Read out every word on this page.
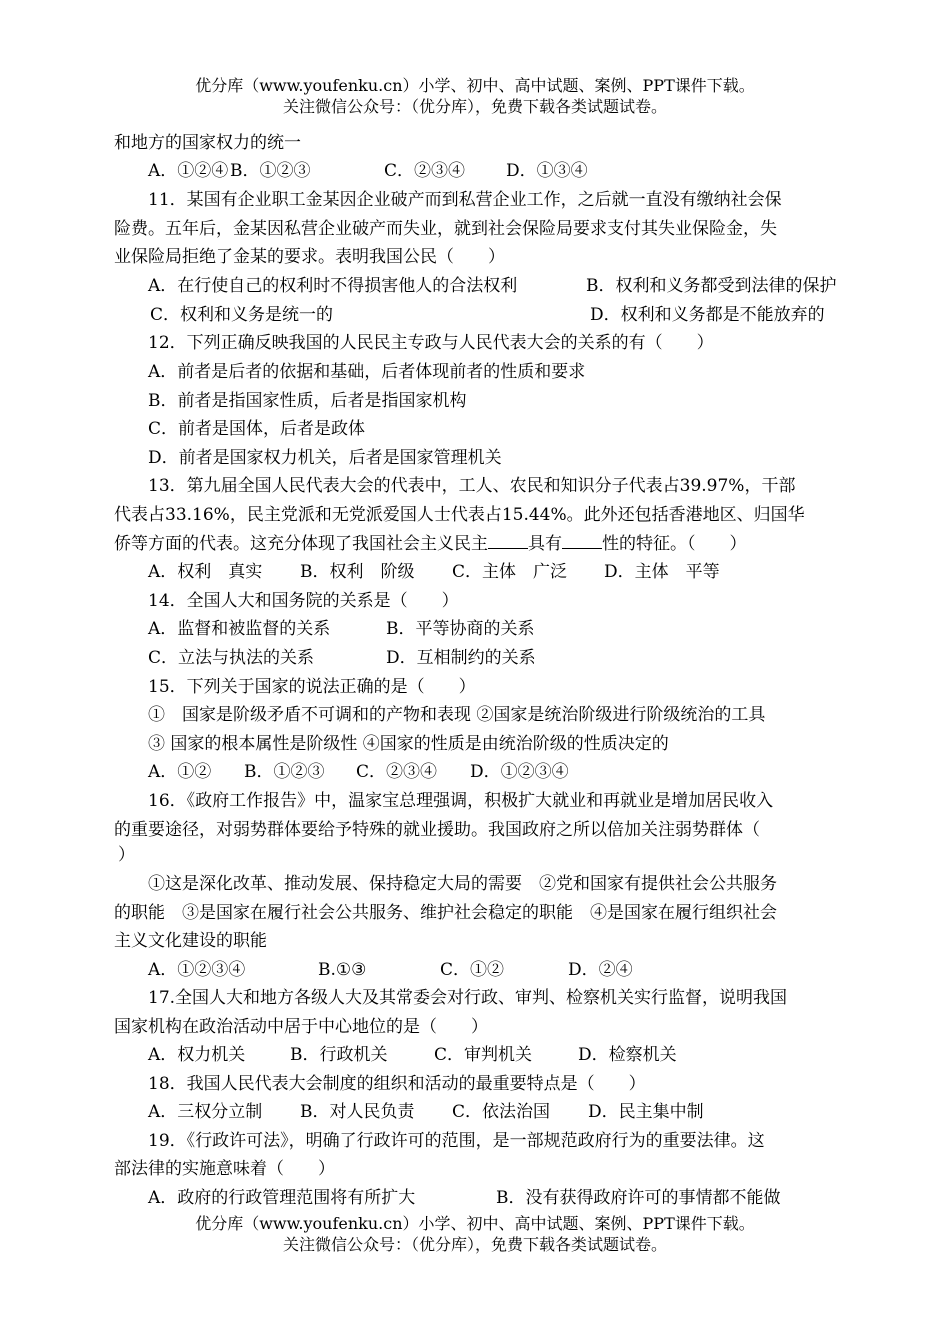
优分库（www.youfenku.cn）小学、初中、高中试题、案例、PPT课件下载。
关注微信公众号：（优分库），免费下载各类试题试卷。
和地方的国家权力的统一
A．①②④ B．①②③	C．②③④ D．①③④
11．某国有企业职工金某因企业破产而到私营企业工作，之后就一直没有缴纳社会保
险费。五年后，金某因私营企业破产而失业，就到社会保险局要求支付其失业保险金，失
业保险局拒绝了金某的要求。表明我国公民（　　）
A．在行使自己的权利时不得损害他人的合法权利	B．权利和义务都受到法律的保护
C．权利和义务是统一的	D．权利和义务都是不能放弃的
12．下列正确反映我国的人民民主专政与人民代表大会的关系的有（　　）
A．前者是后者的依据和基础，后者体现前者的性质和要求
B．前者是指国家性质，后者是指国家机构
C．前者是国体，后者是政体
D．前者是国家权力机关，后者是国家管理机关
13．第九届全国人民代表大会的代表中，工人、农民和知识分子代表占39.97%，干部
代表占33.16%，民主党派和无党派爱国人士代表占15.44%。此外还包括香港地区、归国华
侨等方面的代表。这充分体现了我国社会主义民主 具有 性的特征。（　　）
A．权利　真实 B．权利　阶级 C．主体　广泛 D．主体　平等
14．全国人大和国务院的关系是（　　）
A．监督和被监督的关系	B．平等协商的关系
C．立法与执法的关系	D．互相制约的关系
15．下列关于国家的说法正确的是（　　）
①　国家是阶级矛盾不可调和的产物和表现 ②国家是统治阶级进行阶级统治的工具
③ 国家的根本属性是阶级性 ④国家的性质是由统治阶级的性质决定的
A．①② B．①②③ C．②③④ D．①②③④
16．《政府工作报告》中，温家宝总理强调，积极扩大就业和再就业是增加居民收入
的重要途径，对弱势群体要给予特殊的就业援助。我国政府之所以倍加关注弱势群体（
）
①这是深化改革、推动发展、保持稳定大局的需要　②党和国家有提供社会公共服务
的职能　③是国家在履行社会公共服务、维护社会稳定的职能　④是国家在履行组织社会
主义文化建设的职能
A．①②③④	B.①③	C．①②	D．②④
17.全国人大和地方各级人大及其常委会对行政、审判、检察机关实行监督，说明我国
国家机构在政治活动中居于中心地位的是（　　）
A．权力机关	B．行政机关	C．审判机关	D．检察机关
18．我国人民代表大会制度的组织和活动的最重要特点是（　　）
A．三权分立制 B．对人民负责 C．依法治国 D．民主集中制
19．《行政许可法》，明确了行政许可的范围，是一部规范政府行为的重要法律。这
部法律的实施意味着（　　）
A．政府的行政管理范围将有所扩大	B．没有获得政府许可的事情都不能做
优分库（www.youfenku.cn）小学、初中、高中试题、案例、PPT课件下载。
关注微信公众号：（优分库），免费下载各类试题试卷。
